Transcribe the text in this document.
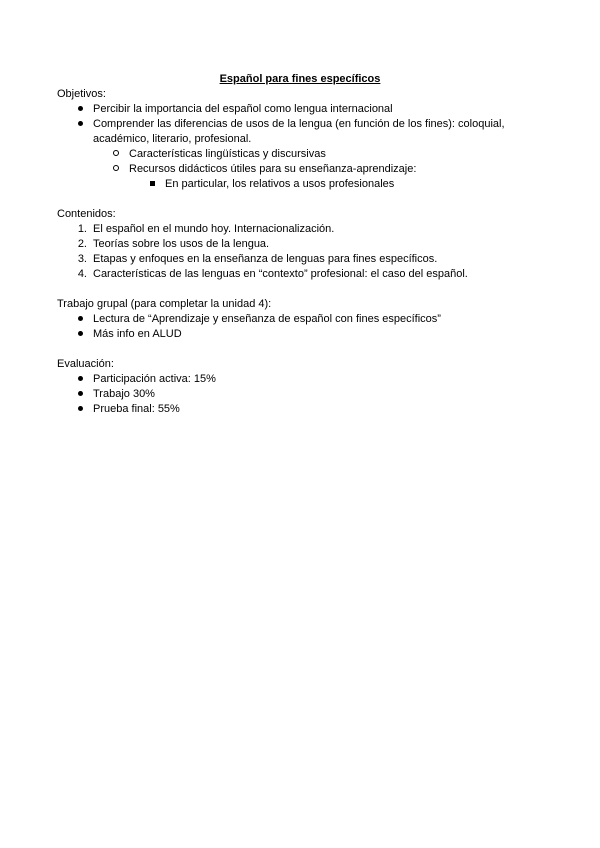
Español para fines específicos

Objetivos:

Percibir la importancia del español como lengua internacional
Comprender las diferencias de usos de la lengua (en función de los fines): coloquial, académico, literario, profesional.
Características lingüísticas y discursivas
Recursos didácticos útiles para su enseñanza-aprendizaje:
En particular, los relativos a usos profesionales

Contenidos:

1. El español en el mundo hoy. Internacionalización.
2. Teorías sobre los usos de la lengua.
3. Etapas y enfoques en la enseñanza de lenguas para fines específicos.
4. Características de las lenguas en “contexto” profesional: el caso del español.

Trabajo grupal (para completar la unidad 4):

Lectura de “Aprendizaje y enseñanza de español con fines específicos”
Más info en ALUD

Evaluación:

Participación activa: 15%
Trabajo 30%
Prueba final: 55%
